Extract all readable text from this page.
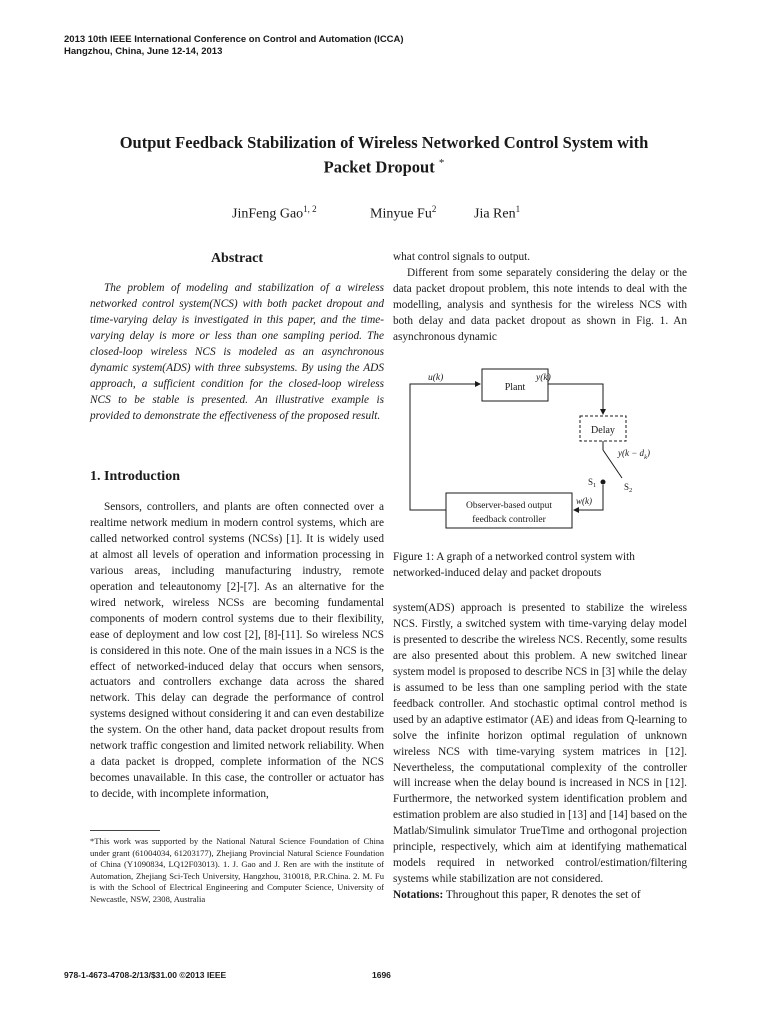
2013 10th IEEE International Conference on Control and Automation (ICCA)
Hangzhou, China, June 12-14, 2013
Output Feedback Stabilization of Wireless Networked Control System with
Packet Dropout *
JinFeng Gao$^{1, 2}$	Minyue Fu$^2$	Jia Ren$^1$
Abstract

The problem of modeling and stabilization of a wireless networked control system(NCS) with both packet dropout and time-varying delay is investigated in this paper, and the time-varying delay is more or less than one sampling period. The closed-loop wireless NCS is modeled as an asynchronous dynamic system(ADS) with three subsystems. By using the ADS approach, a sufficient condition for the closed-loop wireless NCS to be stable is presented. An illustrative example is provided to demonstrate the effectiveness of the proposed result.

1. Introduction

Sensors, controllers, and plants are often connected over a realtime network medium in modern control systems, which are called networked control systems (NCSs) [1]. It is widely used at almost all levels of operation and information processing in various areas, including manufacturing industry, remote operation and teleautonomy [2]-[7]. As an alternative for the wired network, wireless NCSs are becoming fundamental components of modern control systems due to their flexibility, ease of deployment and low cost [2], [8]-[11]. So wireless NCS is considered in this note. One of the main issues in a NCS is the effect of networked-induced delay that occurs when sensors, actuators and controllers exchange data across the shared network. This delay can degrade the performance of control systems designed without considering it and can even destabilize the system. On the other hand, data packet dropout results from network traffic congestion and limited network reliability. When a data packet is dropped, complete information of the NCS becomes unavailable. In this case, the controller or actuator has to decide, with incomplete information,

*This work was supported by the National Natural Science Foundation of China under grant (61004034, 61203177), Zhejiang Provincial Natural Science Foundation of China (Y1090834, LQ12F03013). 1. J. Gao and J. Ren are with the institute of Automation, Zhejiang Sci-Tech University, Hangzhou, 310018, P.R.China. 2. M. Fu is with the School of Electrical Engineering and Computer Science, University of Newcastle, NSW, 2308, Australia

what control signals to output.

Different from some separately considering the delay or the data packet dropout problem, this note intends to deal with the modelling, analysis and synthesis for the wireless NCS with both delay and data packet dropout as shown in Fig. 1. An asynchronous dynamic

Plant
Delay
Observer-based output
feedback controller
u(k)	y(k)
$y(k - d_k)$
$S_1$	$S_2$
w(k)
Figure 1: A graph of a networked control system with networked-induced delay and packet dropouts

system(ADS) approach is presented to stabilize the wireless NCS. Firstly, a switched system with time-varying delay model is presented to describe the wireless NCS. Recently, some results are also presented about this problem. A new switched linear system model is proposed to describe NCS in [3] while the delay is assumed to be less than one sampling period with the state feedback controller. And stochastic optimal control method is used by an adaptive estimator (AE) and ideas from Q-learning to solve the infinite horizon optimal regulation of unknown wireless NCS with time-varying system matrices in [12]. Nevertheless, the computational complexity of the controller will increase when the delay bound is increased in NCS in [12]. Furthermore, the networked system identification problem and estimation problem are also studied in [13] and [14] based on the Matlab/Simulink simulator TrueTime and orthogonal projection principle, respectively, which aim at identifying mathematical models required in networked control/estimation/filtering systems while stabilization are not considered.

Notations: Throughout this paper, R denotes the set of

978-1-4673-4708-2/13/$31.00 ©2013 IEEE	1696
